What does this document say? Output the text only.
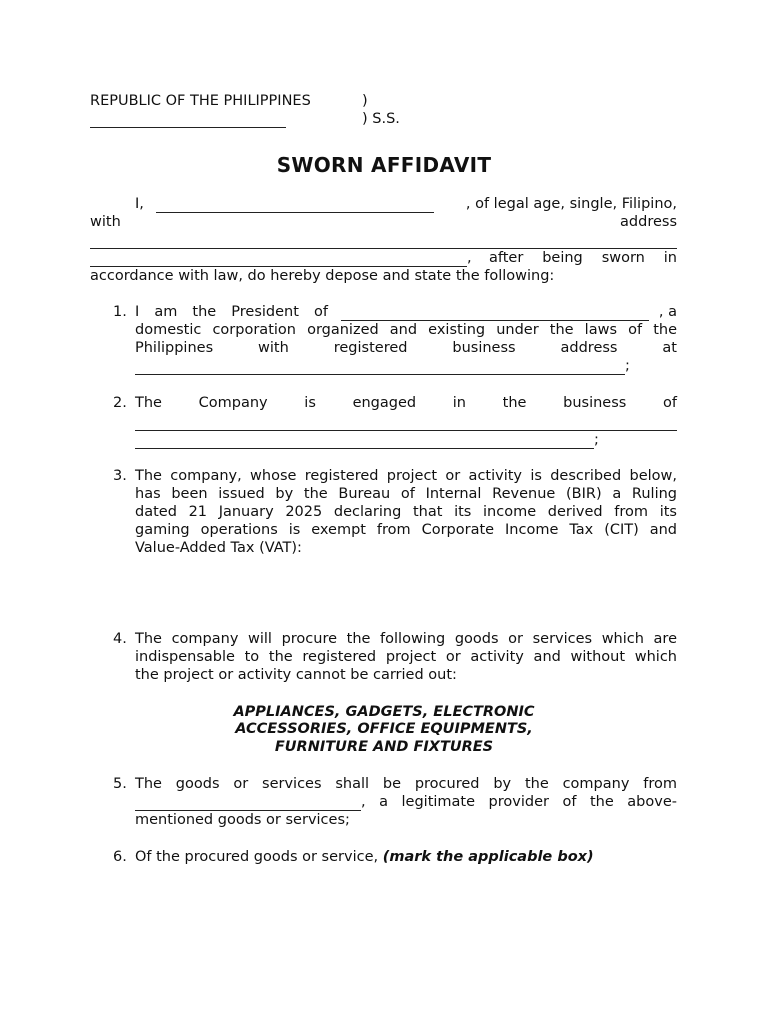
REPUBLIC OF THE PHILIPPINES	)
) S.S.
SWORN AFFIDAVIT
I,	, of legal age, single, Filipino,
with	address
, after being sworn in
accordance with law, do hereby depose and state the following:
1. I am the President of	, a
domestic corporation organized and existing under the laws of the
Philippines	with	registered	business	address	at
;
2. The	Company	is	engaged	in	the	business	of
;
3. The company, whose registered project or activity is described below,
has been issued by the Bureau of Internal Revenue (BIR) a Ruling
dated 21 January 2025 declaring that its income derived from its
gaming operations is exempt from Corporate Income Tax (CIT) and
Value-Added Tax (VAT):
4. The company will procure the following goods or services which are
indispensable to the registered project or activity and without which
the project or activity cannot be carried out:
APPLIANCES, GADGETS, ELECTRONIC
ACCESSORIES, OFFICE EQUIPMENTS,
FURNITURE AND FIXTURES
5. The goods or services shall be procured by the company from
, a legitimate provider of the above-
mentioned goods or services;
6. Of the procured goods or service, (mark the applicable box)
